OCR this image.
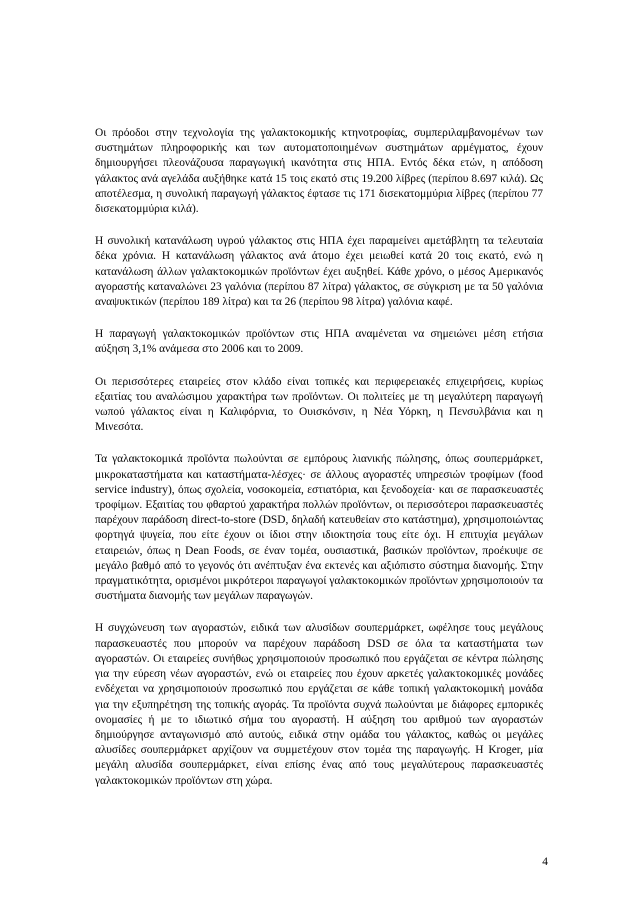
Οι πρόοδοι στην τεχνολογία της γαλακτοκομικής κτηνοτροφίας, συμπεριλαμβανομένων των συστημάτων πληροφορικής και των αυτοματοποιημένων συστημάτων αρμέγματος, έχουν δημιουργήσει πλεονάζουσα παραγωγική ικανότητα στις ΗΠΑ. Εντός δέκα ετών, η απόδοση γάλακτος ανά αγελάδα αυξήθηκε κατά 15 τοις εκατό στις 19.200 λίβρες (περίπου 8.697 κιλά). Ως αποτέλεσμα, η συνολική παραγωγή γάλακτος έφτασε τις 171 δισεκατομμύρια λίβρες (περίπου 77 δισεκατομμύρια κιλά).

Η συνολική κατανάλωση υγρού γάλακτος στις ΗΠΑ έχει παραμείνει αμετάβλητη τα τελευταία δέκα χρόνια. Η κατανάλωση γάλακτος ανά άτομο έχει μειωθεί κατά 20 τοις εκατό, ενώ η κατανάλωση άλλων γαλακτοκομικών προϊόντων έχει αυξηθεί. Κάθε χρόνο, ο μέσος Αμερικανός αγοραστής καταναλώνει 23 γαλόνια (περίπου 87 λίτρα) γάλακτος, σε σύγκριση με τα 50 γαλόνια αναψυκτικών (περίπου 189 λίτρα) και τα 26 (περίπου 98 λίτρα) γαλόνια καφέ.

Η παραγωγή γαλακτοκομικών προϊόντων στις ΗΠΑ αναμένεται να σημειώνει μέση ετήσια αύξηση 3,1% ανάμεσα στο 2006 και το 2009.

Οι περισσότερες εταιρείες στον κλάδο είναι τοπικές και περιφερειακές επιχειρήσεις, κυρίως εξαιτίας του αναλώσιμου χαρακτήρα των προϊόντων. Οι πολιτείες με τη μεγαλύτερη παραγωγή νωπού γάλακτος είναι η Καλιφόρνια, το Ουισκόνσιν, η Νέα Υόρκη, η Πενσυλβάνια και η Μινεσότα.

Τα γαλακτοκομικά προϊόντα πωλούνται σε εμπόρους λιανικής πώλησης, όπως σουπερμάρκετ, μικροκαταστήματα και καταστήματα-λέσχες· σε άλλους αγοραστές υπηρεσιών τροφίμων (food service industry), όπως σχολεία, νοσοκομεία, εστιατόρια, και ξενοδοχεία· και σε παρασκευαστές τροφίμων. Εξαιτίας του φθαρτού χαρακτήρα πολλών προϊόντων, οι περισσότεροι παρασκευαστές παρέχουν παράδοση direct-to-store (DSD, δηλαδή κατευθείαν στο κατάστημα), χρησιμοποιώντας φορτηγά ψυγεία, που είτε έχουν οι ίδιοι στην ιδιοκτησία τους είτε όχι. Η επιτυχία μεγάλων εταιρειών, όπως η Dean Foods, σε έναν τομέα, ουσιαστικά, βασικών προϊόντων, προέκυψε σε μεγάλο βαθμό από το γεγονός ότι ανέπτυξαν ένα εκτενές και αξιόπιστο σύστημα διανομής. Στην πραγματικότητα, ορισμένοι μικρότεροι παραγωγοί γαλακτοκομικών προϊόντων χρησιμοποιούν τα συστήματα διανομής των μεγάλων παραγωγών.

Η συγχώνευση των αγοραστών, ειδικά των αλυσίδων σουπερμάρκετ, ωφέλησε τους μεγάλους παρασκευαστές που μπορούν να παρέχουν παράδοση DSD σε όλα τα καταστήματα των αγοραστών. Οι εταιρείες συνήθως χρησιμοποιούν προσωπικό που εργάζεται σε κέντρα πώλησης για την εύρεση νέων αγοραστών, ενώ οι εταιρείες που έχουν αρκετές γαλακτοκομικές μονάδες ενδέχεται να χρησιμοποιούν προσωπικό που εργάζεται σε κάθε τοπική γαλακτοκομική μονάδα για την εξυπηρέτηση της τοπικής αγοράς. Τα προϊόντα συχνά πωλούνται με διάφορες εμπορικές ονομασίες ή με το ιδιωτικό σήμα του αγοραστή. Η αύξηση του αριθμού των αγοραστών δημιούργησε ανταγωνισμό από αυτούς, ειδικά στην ομάδα του γάλακτος, καθώς οι μεγάλες αλυσίδες σουπερμάρκετ αρχίζουν να συμμετέχουν στον τομέα της παραγωγής. Η Kroger, μία μεγάλη αλυσίδα σουπερμάρκετ, είναι επίσης ένας από τους μεγαλύτερους παρασκευαστές γαλακτοκομικών προϊόντων στη χώρα.

4
